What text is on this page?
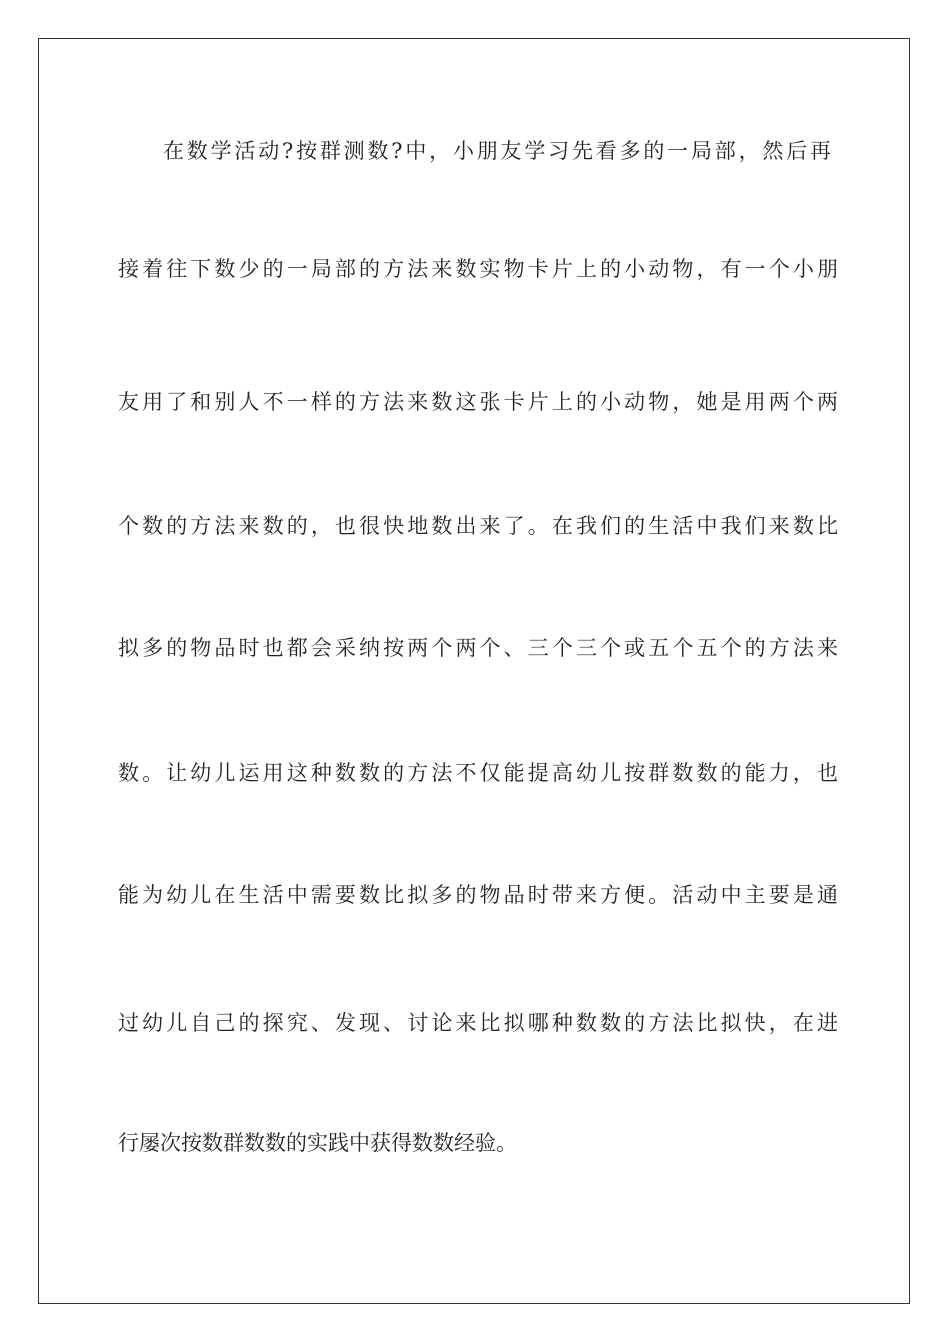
在数学活动?按群测数?中，小朋友学习先看多的一局部，然后再
接着往下数少的一局部的方法来数实物卡片上的小动物，有一个小朋
友用了和别人不一样的方法来数这张卡片上的小动物，她是用两个两
个数的方法来数的，也很快地数出来了。在我们的生活中我们来数比
拟多的物品时也都会采纳按两个两个、三个三个或五个五个的方法来
数。让幼儿运用这种数数的方法不仅能提高幼儿按群数数的能力，也
能为幼儿在生活中需要数比拟多的物品时带来方便。活动中主要是通
过幼儿自己的探究、发现、讨论来比拟哪种数数的方法比拟快，在进
行屡次按数群数数的实践中获得数数经验。
